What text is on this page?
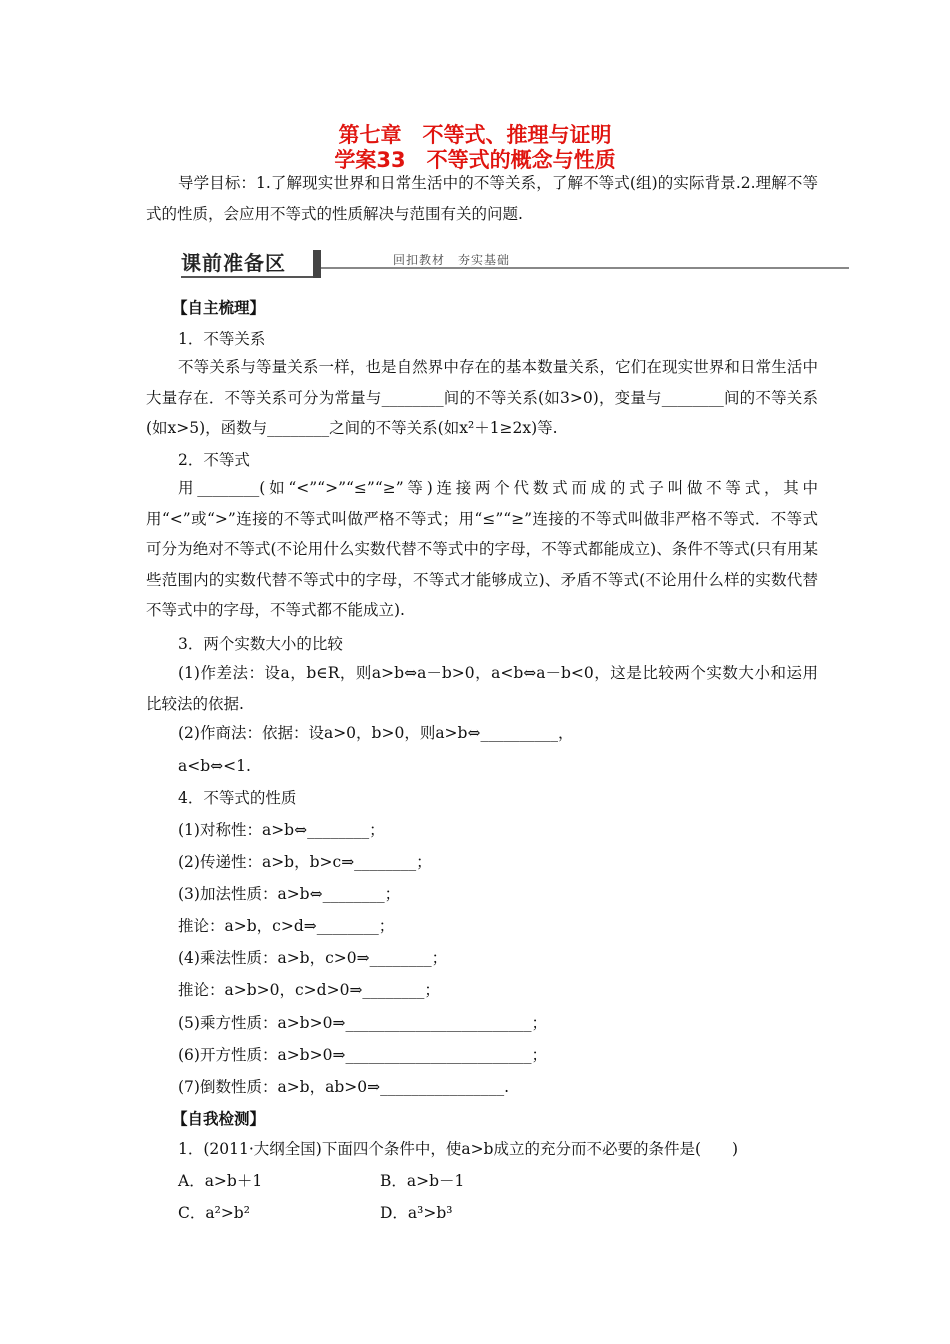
第七章　不等式、推理与证明
学案33　不等式的概念与性质
导学目标：1.了解现实世界和日常生活中的不等关系，了解不等式(组)的实际背景.2.理解不等式的性质，会应用不等式的性质解决与范围有关的问题.
课前准备区	回扣教材　夯实基础
【自主梳理】
1．不等关系
不等关系与等量关系一样，也是自然界中存在的基本数量关系，它们在现实世界和日常生活中大量存在．不等关系可分为常量与________间的不等关系(如3>0)，变量与________间的不等关系(如x>5)，函数与________之间的不等关系(如x²＋1≥2x)等.
2．不等式
用________(如“<”“>”“≤”“≥”等)连接两个代数式而成的式子叫做不等式，其中用“<”或“>”连接的不等式叫做严格不等式；用“≤”“≥”连接的不等式叫做非严格不等式．不等式可分为绝对不等式(不论用什么实数代替不等式中的字母，不等式都能成立)、条件不等式(只有用某些范围内的实数代替不等式中的字母，不等式才能够成立)、矛盾不等式(不论用什么样的实数代替不等式中的字母，不等式都不能成立).
3．两个实数大小的比较
(1)作差法：设a，b∈R，则a>b⇔a－b>0，a<b⇔a－b<0，这是比较两个实数大小和运用比较法的依据.
(2)作商法：依据：设a>0，b>0，则a>b⇔__________，
a<b⇔<1.
4．不等式的性质
(1)对称性：a>b⇔________；
(2)传递性：a>b，b>c⇒________；
(3)加法性质：a>b⇔________；
推论：a>b，c>d⇒________；
(4)乘法性质：a>b，c>0⇒________；
推论：a>b>0，c>d>0⇒________；
(5)乘方性质：a>b>0⇒________________________；
(6)开方性质：a>b>0⇒________________________；
(7)倒数性质：a>b，ab>0⇒________________.
【自我检测】
1．(2011·大纲全国)下面四个条件中，使a>b成立的充分而不必要的条件是(　　)
A．a>b＋1	B．a>b－1
C．a²>b²	D．a³>b³
